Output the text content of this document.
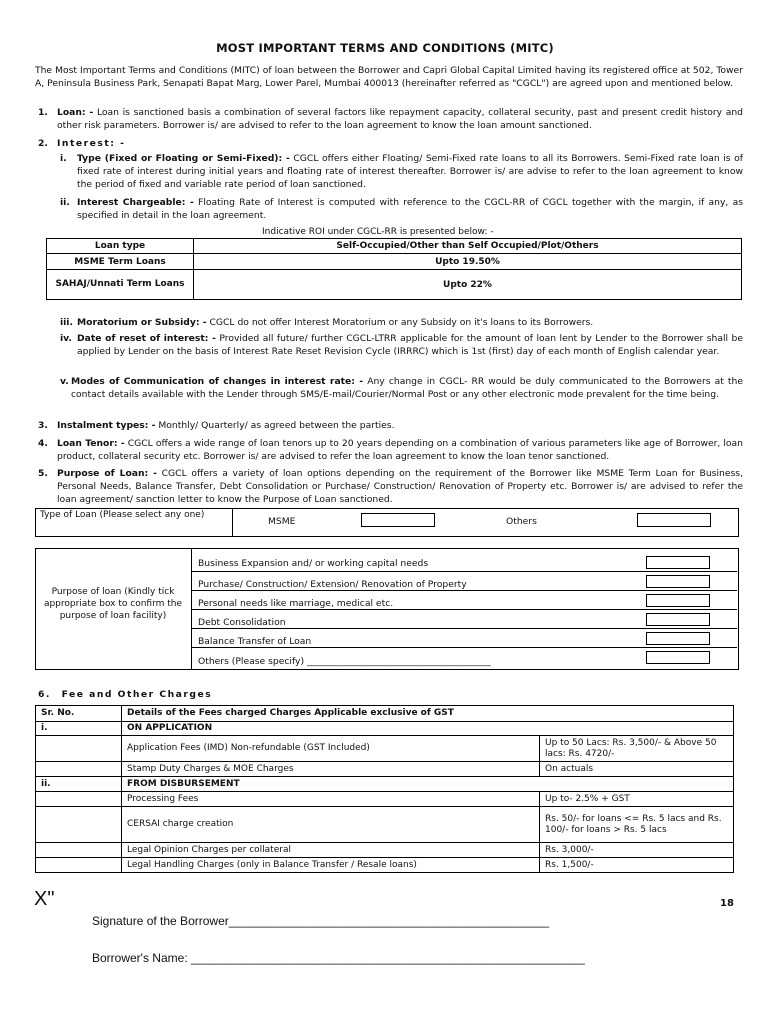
MOST IMPORTANT TERMS AND CONDITIONS (MITC)
The Most Important Terms and Conditions (MITC) of loan between the Borrower and Capri Global Capital Limited having its registered office at 502, Tower A, Peninsula Business Park, Senapati Bapat Marg, Lower Parel, Mumbai 400013 (hereinafter referred as "CGCL") are agreed upon and mentioned below.
1. Loan: - Loan is sanctioned basis a combination of several factors like repayment capacity, collateral security, past and present credit history and other risk parameters. Borrower is/ are advised to refer to the loan agreement to know the loan amount sanctioned.
2. Interest: -
i.	Type (Fixed or Floating or Semi-Fixed): - CGCL offers either Floating/ Semi-Fixed rate loans to all its Borrowers. Semi-Fixed rate loan is of fixed rate of interest during initial years and floating rate of interest thereafter. Borrower is/ are advise to refer to the loan agreement to know the period of fixed and variable rate period of loan sanctioned.
ii. Interest Chargeable: - Floating Rate of Interest is computed with reference to the CGCL-RR of CGCL together with the margin, if any, as specified in detail in the loan agreement.
Indicative ROI under CGCL-RR is presented below: -
Loan type	Self-Occupied/Other than Self Occupied/Plot/Others
MSME Term Loans	Upto 19.50%
SAHAJ/Unnati Term Loans	Upto 22%
iii. Moratorium or Subsidy: - CGCL do not offer Interest Moratorium or any Subsidy on it's loans to its Borrowers.
iv. Date of reset of interest: - Provided all future/ further CGCL-LTRR applicable for the amount of loan lent by Lender to the Borrower shall be applied by Lender on the basis of Interest Rate Reset Revision Cycle (IRRRC) which is 1st (first) day of each month of English calendar year.
v. Modes of Communication of changes in interest rate: - Any change in CGCL- RR would be duly communicated to the Borrowers at the contact details available with the Lender through SMS/E-mail/Courier/Normal Post or any other electronic mode prevalent for the time being.
3. Instalment types: - Monthly/ Quarterly/ as agreed between the parties.
4. Loan Tenor: - CGCL offers a wide range of loan tenors up to 20 years depending on a combination of various parameters like age of Borrower, loan product, collateral security etc. Borrower is/ are advised to refer the loan agreement to know the loan tenor sanctioned.
5. Purpose of Loan: - CGCL offers a variety of loan options depending on the requirement of the Borrower like MSME Term Loan for Business, Personal Needs, Balance Transfer, Debt Consolidation or Purchase/ Construction/ Renovation of Property etc. Borrower is/ are advised to refer the loan agreement/ sanction letter to know the Purpose of Loan sanctioned.
Type of Loan (Please select any one)
MSME	Others
Purpose of loan (Kindly tick appropriate box to confirm the purpose of loan facility)
Business Expansion and/ or working capital needs
Purchase/ Construction/ Extension/ Renovation of Property
Personal needs like marriage, medical etc.
Debt Consolidation
Balance Transfer of Loan
Others (Please specify) ________________________________________
6. Fee and Other Charges
Sr. No.	Details of the Fees charged Charges Applicable exclusive of GST	
i.	ON APPLICATION	
	Application Fees (IMD) Non-refundable (GST Included)	Up to 50 Lacs: Rs. 3,500/- & Above 50 lacs: Rs. 4720/-
	Stamp Duty Charges & MOE Charges	On actuals
ii.	FROM DISBURSEMENT	
	Processing Fees	Up to- 2.5% + GST
	CERSAI charge creation	Rs. 50/- for loans <= Rs. 5 lacs and Rs. 100/- for loans > Rs. 5 lacs
	Legal Opinion Charges per collateral	Rs. 3,000/-
	Legal Handling Charges (only in Balance Transfer / Resale loans)	Rs. 1,500/-
X"	18
Signature of the Borrower________________________________________________
Borrower's Name: ___________________________________________________________
